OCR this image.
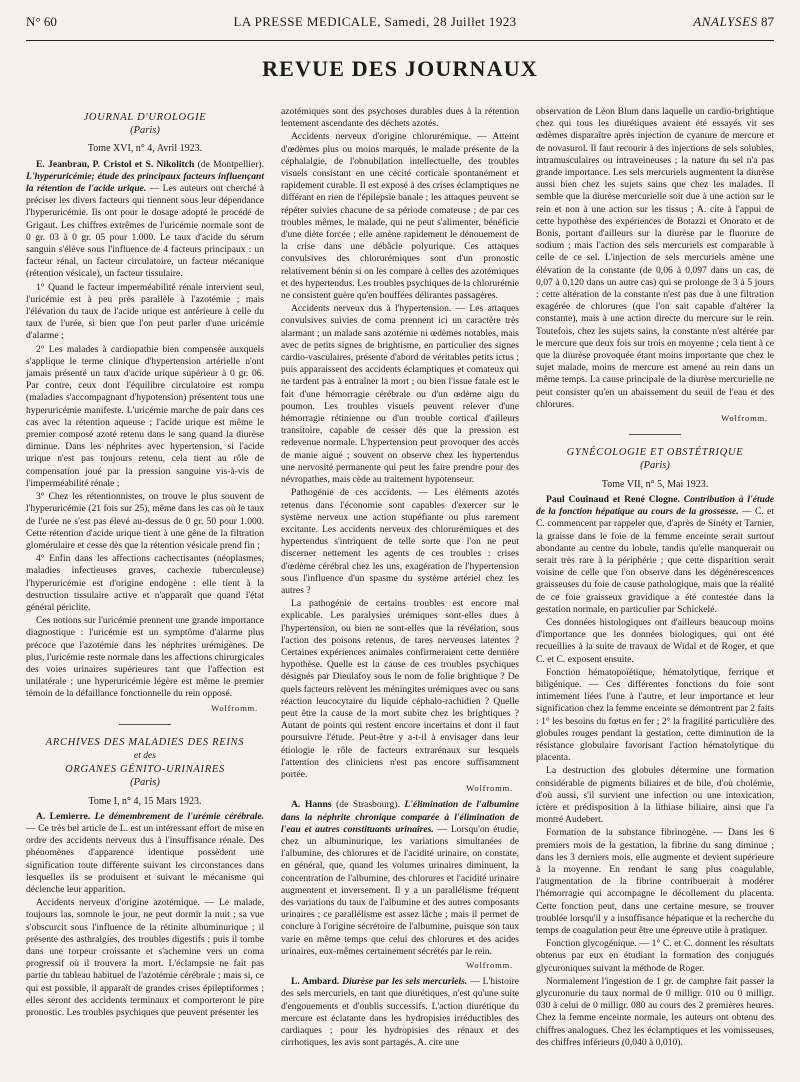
N° 60	LA PRESSE MEDICALE, Samedi, 28 Juillet 1923	ANALYSES 87
REVUE DES JOURNAUX
JOURNAL D'UROLOGIE
(Paris)
Tome XVI, n° 4, Avril 1923.

E. Jeanbrau, P. Cristol et S. Nikolitch (de Montpellier). L'hyperuricémie; étude des principaux facteurs influençant la rétention de l'acide urique. — Les auteurs ont cherché à préciser les divers facteurs qui tiennent sous leur dépendance l'hyperuricémie. Ils ont pour le dosage adopté le procédé de Grigaut. Les chiffres extrêmes de l'uricémie normale sont de 0 gr. 03 à 0 gr. 05 pour 1.000. Le taux d'acide du sérum sanguin s'élève sous l'influence de 4 facteurs principaux : un facteur rénal, un facteur circulatoire, un facteur mécanique (rétention vésicale), un facteur tissulaire.

1° Quand le facteur imperméabilité rénale intervient seul, l'uricémie est à peu près parallèle à l'azotémie ; mais l'élévation du taux de l'acide urique est antérieure à celle du taux de l'urée, si bien que l'on peut parler d'une uricémie d'alarme ;

2° Les malades à cardiopathie bien compensée auxquels s'applique le terme clinique d'hypertension artérielle n'ont jamais présenté un taux d'acide urique supérieur à 0 gr. 06. Par contre, ceux dont l'équilibre circulatoire est rompu (maladies s'accompagnant d'hypotension) présentent tous une hyperuricémie manifeste. L'uricémie marche de pair dans ces cas avec la rétention aqueuse ; l'acide urique est même le premier composé azoté retenu dans le sang quand la diurèse diminue. Dans les néphrites avec hypertension, si l'acide urique n'est pas toujours retenu, cela tient au rôle de compensation joué par la pression sanguine vis-à-vis de l'imperméabilité rénale ;

3° Chez les rétentionnistes, on trouve le plus souvent de l'hyperuricémie (21 fois sur 25), même dans les cas où le taux de l'urée ne s'est pas élevé au-dessus de 0 gr. 50 pour 1.000. Cette rétention d'acide urique tient à une gêne de la filtration glomérulaire et cesse dès que la rétention vésicale prend fin ;

4° Enfin dans les affections cachectisantes (néoplasmes, maladies infectieuses graves, cachexie tuberculeuse) l'hyperuricémie est d'origine endogène : elle tient à la destruction tissulaire active et n'apparaît que quand l'état général périclite.

Ces notions sur l'uricémie prennent une grande importance diagnostique : l'uricémie est un symptôme d'alarme plus précoce que l'azotémie dans les néphrites urémigènes. De plus, l'uricémie reste normale dans les affections chirurgicales des voies urinaires supérieures tant que l'affection est unilatérale ; une hyperuricémie légère est même le premier témoin de la défaillance fonctionnelle du rein opposé.

Wolfromm.
ARCHIVES DES MALADIES DES REINS
et des
ORGANES GÉNITO-URINAIRES
(Paris)
Tome I, n° 4, 15 Mars 1923.

A. Lemierre. Le démembrement de l'urémie cérébrale. — Ce très bel article de L. est un intéressant effort de mise en ordre des accidents nerveux dus à l'insuffisance rénale. Des phénomènes d'apparence identique possèdent une signification toute différente suivant les circonstances dans lesquelles ils se produisent et suivant le mécanisme qui déclenche leur apparition.

Accidents nerveux d'origine azotémique. — Le malade, toujours las, somnole le jour, ne peut dormir la nuit ; sa vue s'obscurcit sous l'influence de la rétinite albuminurique ; il présente des asthralgies, des troubles digestifs ; puis il tombe dans une torpeur croissante et s'achemine vers un coma progressif où il trouvera la mort. L'éclampsie ne fait pas partie du tableau habituel de l'azotémie cérébrale ; mais si, ce qui est possible, il apparaît de grandes crises épileptiformes ; elles seront des accidents terminaux et comporteront le pire pronostic. Les troubles psychiques que peuvent présenter les

azotémiques sont des psychoses durables dues à la rétention lentement ascendante des déchets azotés.

Accidents nerveux d'origine chlorurémique. — Atteint d'œdèmes plus ou moins marqués, le malade présente de la céphalalgie, de l'obnubilation intellectuelle, des troubles visuels consistant en une cécité corticale spontanément et rapidement curable. Il est exposé à des crises éclamptiques ne différant en rien de l'épilepsie banale ; les attaques peuvent se répéter suivies chacune de sa période comateuse ; de par ces troubles mêmes, le malade, qui ne peut s'alimenter, bénéficie d'une diète forcée ; elle amène rapidement le dénouement de la crise dans une débâcle polyurique. Ces attaques convulsives des chlorurémiques sont d'un pronostic relativement bénin si on les compare à celles des azotémiques et des hypertendus. Les troubles psychiques de la chlorurémie ne consistent guère qu'en bouffées délirantes passagères.

Accidents nerveux dus à l'hypertension. — Les attaques convulsives suivies de coma prennent ici un caractère très alarmant ; un malade sans azotémie ni œdèmes notables, mais avec de petits signes de brightisme, en particulier des signes cardio-vasculaires, présente d'abord de véritables petits ictus ; puis apparaissent des accidents éclamptiques et comateux qui ne tardent pas à entraîner la mort ; ou bien l'issue fatale est le fait d'une hémorragie cérébrale ou d'un œdème aigu du poumon. Les troubles visuels peuvent relever d'une hémorragie rétinienne ou d'un trouble cortical d'ailleurs transitoire, capable de cesser dès que la pression est redevenue normale. L'hypertension peut provoquer des accès de manie aiguë ; souvent on observe chez les hypertendus une nervosité permanente qui peut les faire prendre pour des névropathes, mais cède au traitement hypotenseur.

Pathogénie de ces accidents. — Les éléments azotés retenus dans l'économie sont capables d'exercer sur le système nerveux une action stupéfiante ou plus rarement excitante. Les accidents nerveux des chlorurémiques et des hypertendus s'intriquent de telle sorte que l'on ne peut discerner nettement les agents de ces troubles : crises d'œdème cérébral chez les uns, exagération de l'hypertension sous l'influence d'un spasme du système artériel chez les autres ?

La pathogénie de certains troubles est encore mal explicable. Les paralysies urémiques sont-elles dues à l'hypertension, ou bien ne sont-elles que la révélation, sous l'action des poisons retenus, de tares nerveuses latentes ? Certaines expériences animales confirmeraient cette dernière hypothèse. Quelle est la cause de ces troubles psychiques désignés par Dieulafoy sous le nom de folie brightique ? De quels facteurs relèvent les méningites urémiques avec ou sans réaction leucocytaire du liquide céphalo-rachidien ? Quelle peut être la cause de la mort subite chez les brightiques ? Autant de points qui restent encore incertains et dont il faut poursuivre l'étude. Peut-être y a-t-il à envisager dans leur étiologie le rôle de facteurs extrarénaux sur lesquels l'attention des cliniciens n'est pas encore suffisamment portée.

Wolfromm.

A. Hanns (de Strasbourg). L'élimination de l'albumine dans la néphrite chronique comparée à l'élimination de l'eau et autres constituants urinaires. — Lorsqu'on étudie, chez un albuminurique, les variations simultanées de l'albumine, des chlorures et de l'acidité urinaire, on constate, en général, que, quand les volumes urinaires diminuent, la concentration de l'albumine, des chlorures et l'acidité urinaire augmentent et inversement. Il y a un parallélisme fréquent des variations du taux de l'albumine et des autres composants urinaires ; ce parallélisme est assez lâche ; mais il permet de conclure à l'origine sécrétoire de l'albumine, puisque son taux varie en même temps que celui des chlorures et des acides urinaires, eux-mêmes certainement sécrétés par le rein.

Wolfromm.

L. Ambard. Diurèse par les sels mercuriels. — L'histoire des sels mercuriels, en tant que diurétiques, n'est qu'une suite d'engouements et d'oublis successifs. L'action diurétique du mercure est éclatante dans les hydropisies irréductibles des cardiaques ; pour les hydropisies des rénaux et des cirrhotiques, les avis sont partagés. A. cite une

observation de Léon Blum dans laquelle un cardio-brightique chez qui tous les diurétiques avaient été essayés vit ses œdèmes disparaître après injection de cyanure de mercure et de novasurol. Il faut recourir à des injections de sels solubles, intramusculaires ou intraveineuses ; la nature du sel n'a pas grande importance. Les sels mercuriels augmentent la diurèse aussi bien chez les sujets sains que chez les malades. Il semble que la diurèse mercurielle soit due à une action sur le rein et non à une action sur les tissus ; A. cite à l'appui de cette hypothèse des expériences de Botazzi et Onorato et de Bonis, portant d'ailleurs sur la diurèse par le fluorure de sodium ; mais l'action des sels mercuriels est comparable à celle de ce sel. L'injection de sels mercuriels amène une élévation de la constante (de 0,06 à 0,097 dans un cas, de 0,07 à 0,120 dans un autre cas) qui se prolonge de 3 à 5 jours : cette altération de la constante n'est pas due à une filtration exagérée de chlorures (que l'on sait capable d'altérer la constante), mais à une action directe du mercure sur le rein. Toutefois, chez les sujets sains, la constante n'est altérée par le mercure que deux fois sur trois en moyenne ; cela tient à ce que la diurèse provoquée étant moins importante que chez le sujet malade, moins de mercure est amené au rein dans un même temps. La cause principale de la diurèse mercurielle ne peut consister qu'en un abaissement du seuil de l'eau et des chlorures.

Wolfromm.
GYNÉCOLOGIE ET OBSTÉTRIQUE
(Paris)
Tome VII, n° 5, Mai 1923.

Paul Couinaud et René Clogne. Contribution à l'étude de la fonction hépatique au cours de la grossesse. — C. et C. commencent par rappeler que, d'après de Sinéty et Tarnier, la graisse dans le foie de la femme enceinte serait surtout abondante au centre du lobule, tandis qu'elle manquerait ou serait très rare à la périphérie ; que cette disparition serait voisine de celle que l'on observe dans les dégénérescences graisseuses du foie de cause pathologique, mais que la réalité de ce foie graisseux gravidique a été contestée dans la gestation normale, en particulier par Schickelé.

Ces données histologiques ont d'ailleurs beaucoup moins d'importance que les données biologiques, qui ont été recueillies à la suite de travaux de Widal et de Roger, et que C. et C. exposent ensuite.

Fonction hématopoïétique, hématolytique, ferrique et biligénique. — Ces différentes fonctions du foie sont intimement liées l'une à l'autre, et leur importance et leur signification chez la femme enceinte se démontrent par 2 faits : 1° les besoins du fœtus en fer ; 2° la fragilité particulière des globules rouges pendant la gestation, cette diminution de la résistance globulaire favorisant l'action hématolytique du placenta.

La destruction des globules détermine une formation considérable de pigments biliaires et de bile, d'où cholémie, d'où aussi, s'il survient une infection ou une intoxication, ictère et prédisposition à la lithiase biliaire, ainsi que l'a montré Audebert.

Formation de la substance fibrinogène. — Dans les 6 premiers mois de la gestation, la fibrine du sang diminue ; dans les 3 derniers mois, elle augmente et devient supérieure à la moyenne. En rendant le sang plus coagulable, l'augmentation de la fibrine contribuerait à modérer l'hémorragie qui accompagne le décollement du placenta. Cette fonction peut, dans une certaine mesure, se trouver troublée lorsqu'il y a insuffisance hépatique et la recherche du temps de coagulation peut être une épreuve utile à pratiquer.

Fonction glycogénique. — 1° C. et C. donnent les résultats obtenus par eux en étudiant la formation des conjugués glycuroniques suivant la méthode de Roger.

Normalement l'ingestion de 1 gr. de camphre fait passer la glycuronurie du taux normal de 0 milligr. 010 ou 0 milligr. 030 à celui de 0 milligr. 080 au cours des 2 premières heures. Chez la femme enceinte normale, les auteurs ont obtenu des chiffres analogues. Chez les éclamptiques et les vomisseuses, des chiffres inférieurs (0,040 à 0,010).
